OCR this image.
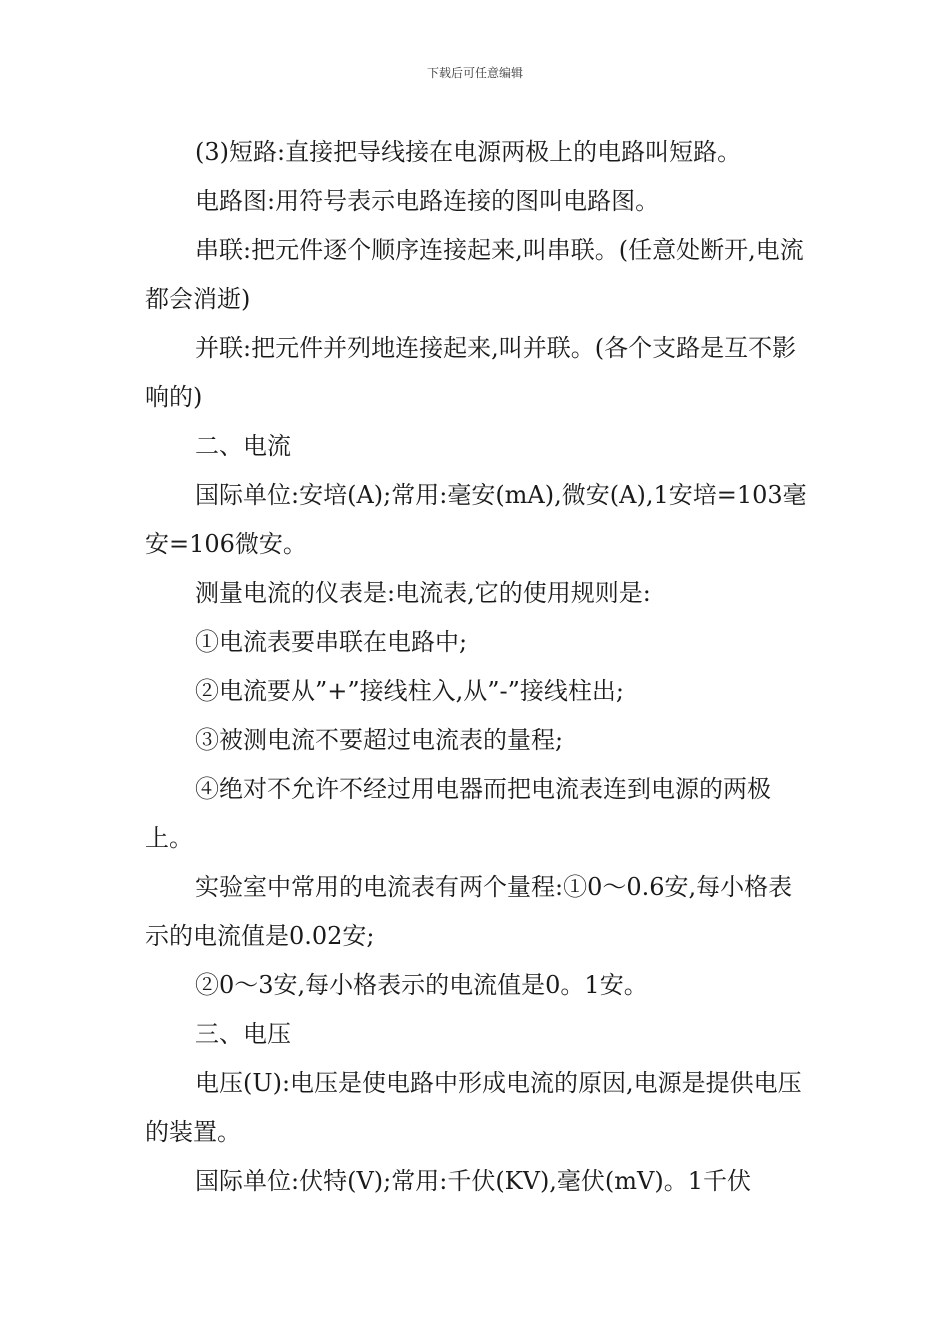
下载后可任意编辑

(3)短路:直接把导线接在电源两极上的电路叫短路。

电路图:用符号表示电路连接的图叫电路图。

串联:把元件逐个顺序连接起来,叫串联。(任意处断开,电流都会消逝)

并联:把元件并列地连接起来,叫并联。(各个支路是互不影响的)

二、电流

国际单位:安培(A);常用:毫安(mA),微安(A),1安培=103毫安=106微安。

测量电流的仪表是:电流表,它的使用规则是:

①电流表要串联在电路中;

②电流要从”+”接线柱入,从”-”接线柱出;

③被测电流不要超过电流表的量程;

④绝对不允许不经过用电器而把电流表连到电源的两极上。

实验室中常用的电流表有两个量程:①0～0.6安,每小格表示的电流值是0.02安;

②0～3安,每小格表示的电流值是0。1安。

三、电压

电压(U):电压是使电路中形成电流的原因,电源是提供电压的装置。

国际单位:伏特(V);常用:千伏(KV),毫伏(mV)。1千伏
